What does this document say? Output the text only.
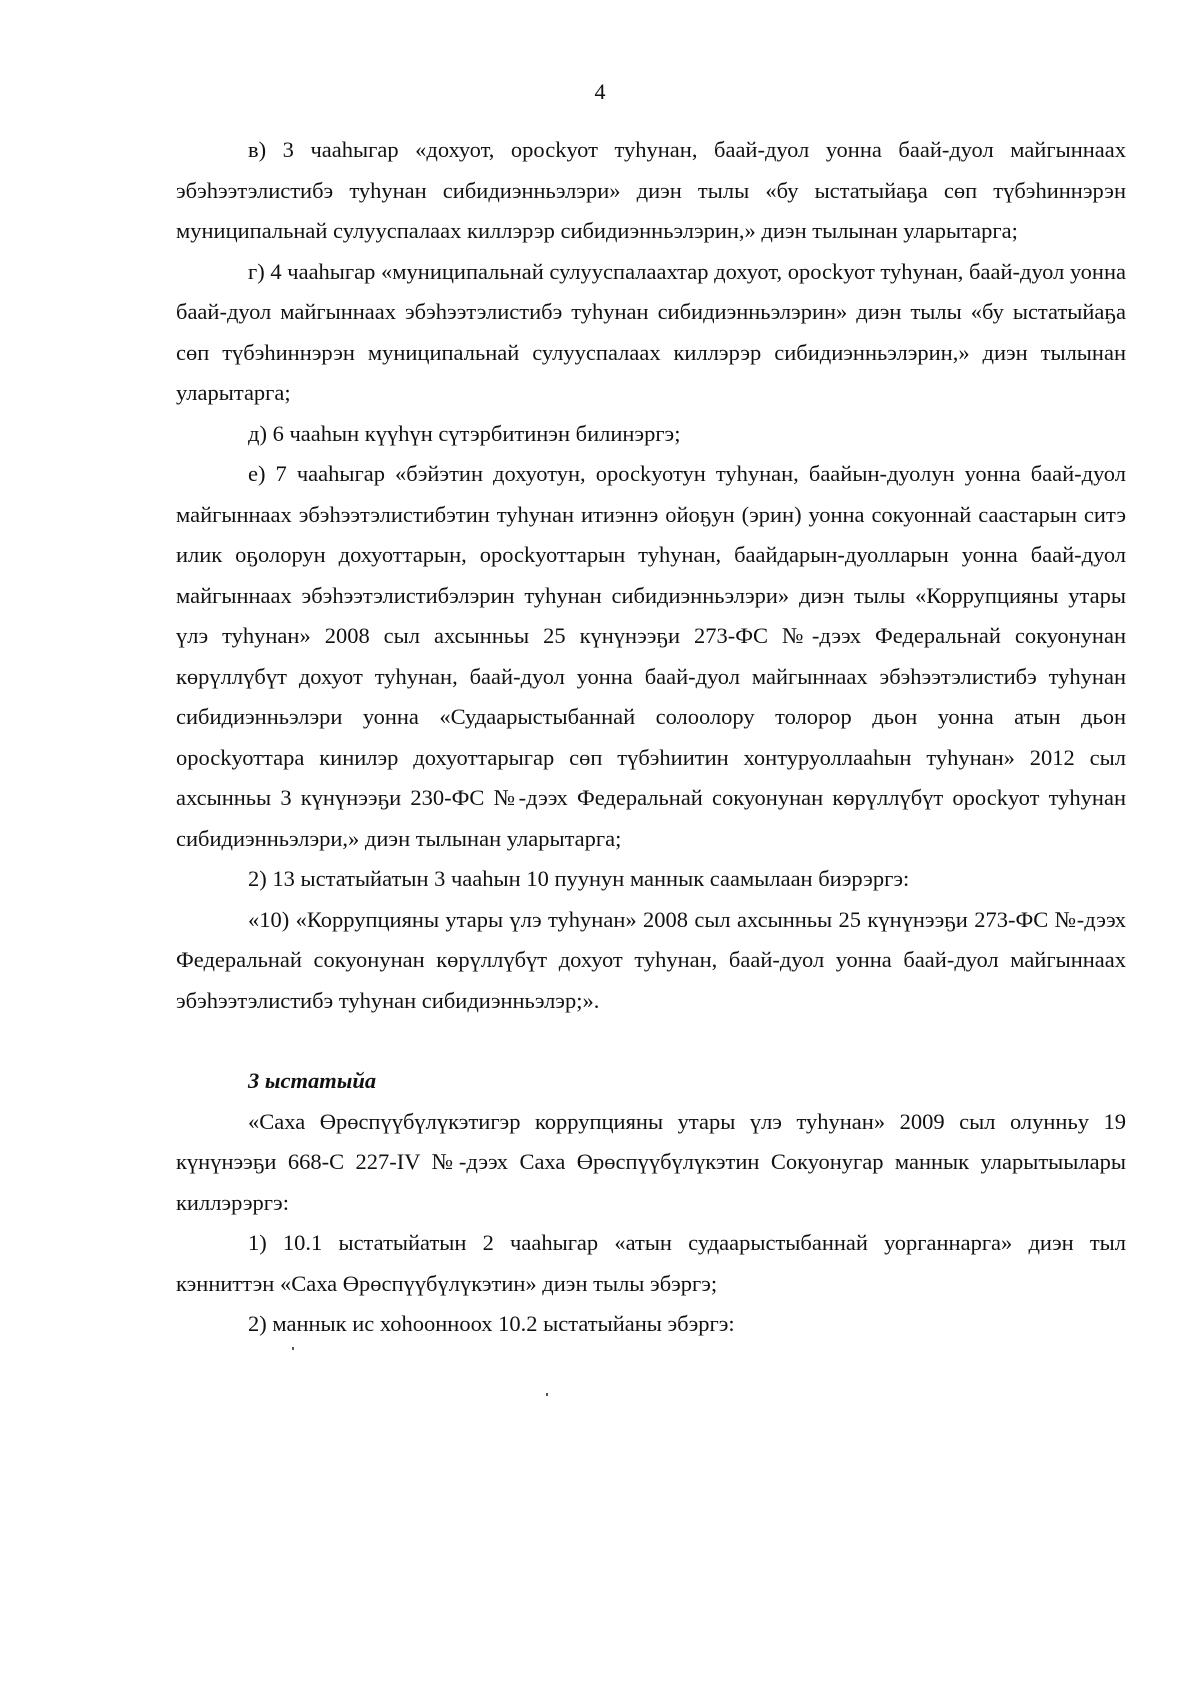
4

в) 3 чааһыгар «дохуот, оросkуот туһунан, баай-дуол уонна баай-дуол майгыннаах эбэһээтэлистибэ туһунан сибидиэнньэлэри» диэн тылы «бу ыстатыйаҕа сөп түбэһиннэрэн муниципальнай сулууспалаах киллэрэр сибидиэнньэлэрин,» диэн тылынан уларытарга;

г) 4 чааһыгар «муниципальнай сулууспалаахтар дохуот, оросkуот туһунан, баай-дуол уонна баай-дуол майгыннаах эбэһээтэлистибэ туһунан сибидиэнньэлэрин» диэн тылы «бу ыстатыйаҕа сөп түбэһиннэрэн муниципальнай сулууспалаах киллэрэр сибидиэнньэлэрин,» диэн тылынан уларытарга;

д) 6 чааһын күүһүн сүтэрбитинэн билинэргэ;

е) 7 чааһыгар «бэйэтин дохуотун, оросkуотун туһунан, баайын-дуолун уонна баай-дуол майгыннаах эбэһээтэлистибэтин туһунан итиэннэ ойоҕун (эрин) уонна сокуоннай саастарын ситэ илик оҕолорун дохуоттарын, оросkуоттарын туһунан, баайдарын-дуолларын уонна баай-дуол майгыннаах эбэһээтэлистибэлэрин туһунан сибидиэнньэлэри» диэн тылы «Коррупцияны утары үлэ туһунан» 2008 сыл ахсынньы 25 күнүнээҕи 273-ФС №-дээх Федеральнай сокуонунан көрүллүбүт дохуот туһунан, баай-дуол уонна баай-дуол майгыннаах эбэһээтэлистибэ туһунан сибидиэнньэлэри уонна «Судаарыстыбаннай солоолору толорор дьон уонна атын дьон оросkуоттара кинилэр дохуоттарыгар сөп түбэһиитин хонтуруоллааһын туһунан» 2012 сыл ахсынньы 3 күнүнээҕи 230-ФС №-дээх Федеральнай сокуонунан көрүллүбүт оросkуот туһунан сибидиэнньэлэри,» диэн тылынан уларытарга;

2) 13 ыстатыйатын 3 чааһын 10 пуунун маннык саамылаан биэрэргэ:

«10) «Коррупцияны утары үлэ туһунан» 2008 сыл ахсынньы 25 күнүнээҕи 273-ФС №-дээх Федеральнай сокуонунан көрүллүбүт дохуот туһунан, баай-дуол уонна баай-дуол майгыннаах эбэһээтэлистибэ туһунан сибидиэнньэлэр;».

3 ыстатыйа

«Саха Өрөспүүбүлүкэтигэр коррупцияны утары үлэ туһунан» 2009 сыл олунньу 19 күнүнээҕи 668-С 227-IV №-дээх Саха Өрөспүүбүлүкэтин Сокуонугар маннык уларытыылары киллэрэргэ:

1) 10.1 ыстатыйатын 2 чааһыгар «атын судаарыстыбаннай уорганнарга» диэн тыл кэнниттэн «Саха Өрөспүүбүлүкэтин» диэн тылы эбэргэ;

2) маннык ис хоһоонноох 10.2 ыстатыйаны эбэргэ:
